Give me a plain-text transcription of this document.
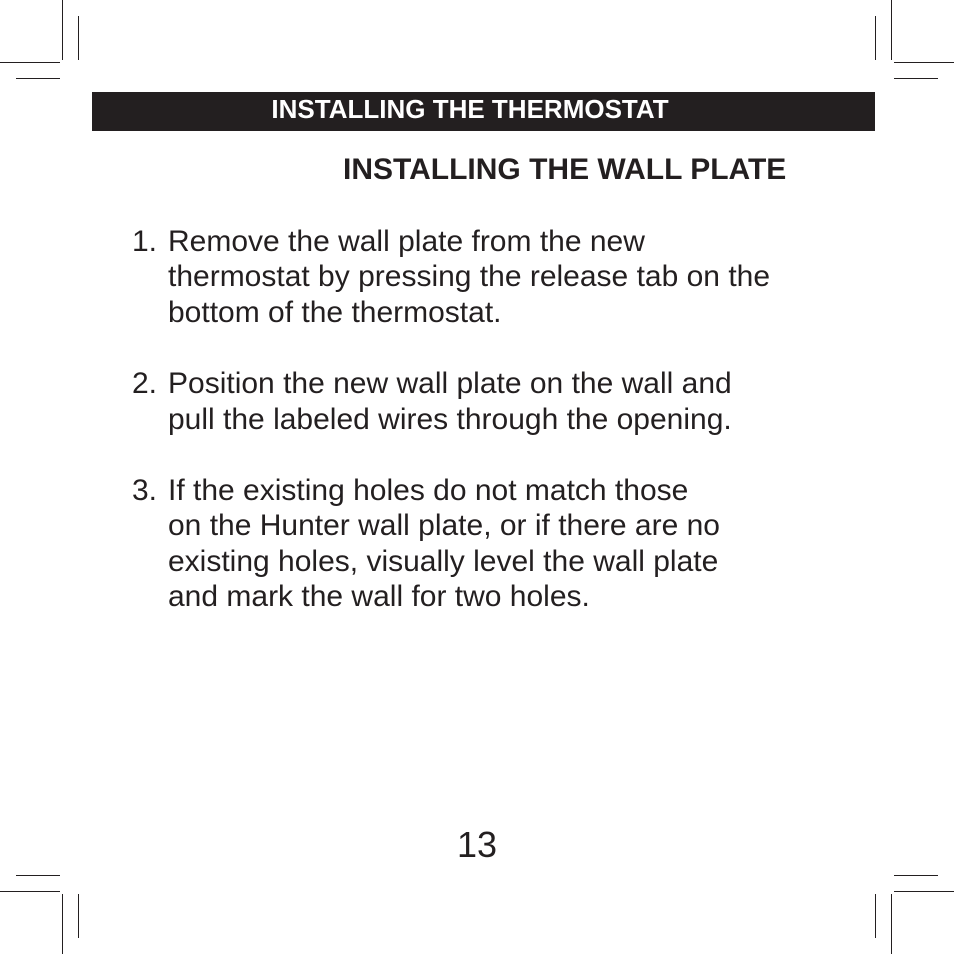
INSTALLING THE THERMOSTAT
INSTALLING THE WALL PLATE
1. Remove the wall plate from the new
thermostat by pressing the release tab on the
bottom of the thermostat.
2. Position the new wall plate on the wall and
pull the labeled wires through the opening.
3. If the existing holes do not match those
on the Hunter wall plate, or if there are no
existing holes, visually level the wall plate
and mark the wall for two holes.
13
